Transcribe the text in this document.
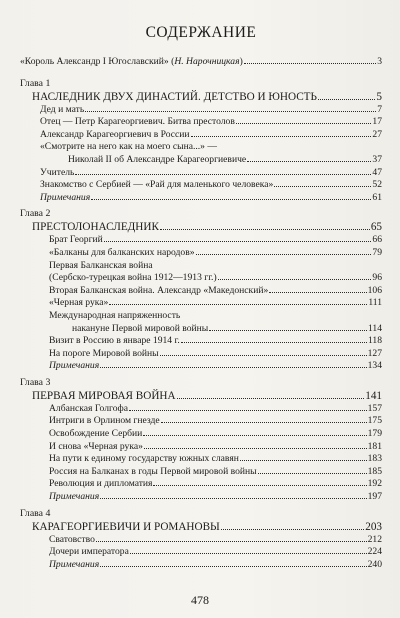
СОДЕРЖАНИЕ
«Король Александр I Югославский» (Н. Нарочницкая)	3
Глава 1
НАСЛЕДНИК ДВУХ ДИНАСТИЙ. ДЕТСТВО И ЮНОСТЬ	5
Дед и мать	7
Отец — Петр Карагеоргиевич. Битва престолов	17
Александр Карагеоргиевич в России	27
«Смотрите на него как на моего сына...» —
Николай II об Александре Карагеоргиевиче	37
Учитель	47
Знакомство с Сербией — «Рай для маленького человека»	52
Примечания	61
Глава 2
ПРЕСТОЛОНАСЛЕДНИК	65
Брат Георгий	66
«Балканы для балканских народов»	79
Первая Балканская война
(Сербско-турецкая война 1912—1913 гг.)	96
Вторая Балканская война. Александр «Македонский»	106
«Черная рука»	111
Международная напряженность
накануне Первой мировой войны	114
Визит в Россию в январе 1914 г.	118
На пороге Мировой войны	127
Примечания	134
Глава 3
ПЕРВАЯ МИРОВАЯ ВОЙНА	141
Албанская Голгофа	157
Интриги в Орлином гнезде	175
Освобождение Сербии	179
И снова «Черная рука»	181
На пути к единому государству южных славян	183
Россия на Балканах в годы Первой мировой войны	185
Революция и дипломатия	192
Примечания	197
Глава 4
КАРАГЕОРГИЕВИЧИ И РОМАНОВЫ	203
Сватовство	212
Дочери императора	224
Примечания	240
478
